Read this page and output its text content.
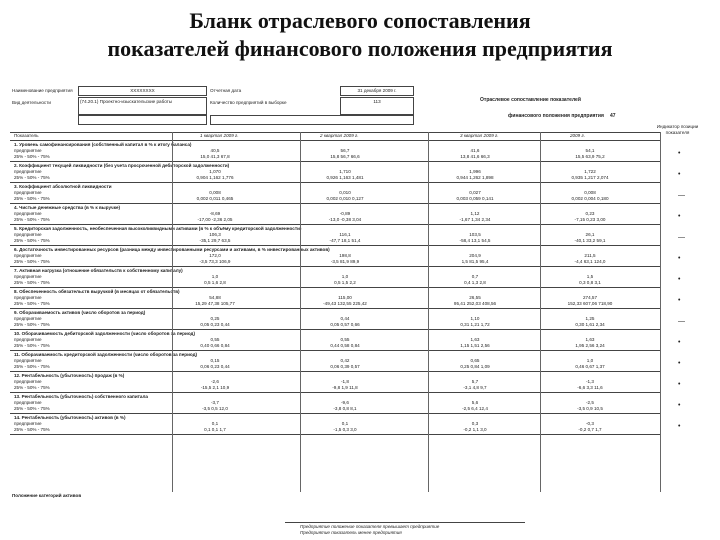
Бланк отраслевого сопоставления
показателей финансового положения предприятия
Наименование предприятия	XXXXXXXX	Отчетная дата	31 декабря 2009 г.
Вид деятельности	(74.20.1) Проектно-изыскательские работы	Количество предприятий в выборке	113	Отраслевое сопоставление показателей
финансового положения предприятия 47
Индикатор позиции показателя
Показатель	1 квартал 2009 г.	2 квартал 2009 г.	3 квартал 2009 г.	2009 г.
1. Уровень самофинансирования (собственный капитал в % к итогу баланса)
предприятие	40,5	56,7	41,6	54,1
25% - 50% - 75%	15,0 41,3 67,8	15,8 56,7 66,6	13,8 41,6 66,3	15,5 63,9 75,2	•
2. Коэффициент текущей ликвидности (без учета просроченной дебиторской задолженности)
предприятие	1,070	1,710	1,996	1,722
25% - 50% - 75%	0,904 1,162 1,776	0,926 1,163 1,481	0,944 1,262 1,898	0,935 1,217 2,074	•
3. Коэффициент абсолютной ликвидности
предприятие	0,008	0,010	0,027	0,008
25% - 50% - 75%	0,002 0,011 0,465	0,002 0,010 0,127	0,003 0,059 0,141	0,002 0,004 0,180	—
4. Чистые денежные средства (в % к выручке)
предприятие	-8,69	-0,89	1,12	0,23
25% - 50% - 75%	-17,00 -2,36 2,05	-13,0 -0,38 3,04	-1,67 1,34 2,34	-7,15 0,23 3,00	•
5. Кредиторская задолженность, необеспеченная высоколиквидными активами (в % к объёму кредиторской задолженности)
предприятие	106,3	116,1	103,5	26,1
25% - 50% - 75%	-35,1 29,7 63,5	-47,7 18,1 51,4	-58,4 13,1 54,5	-40,1 33,2 59,1	—
6. Достаточность инвестированных ресурсов (разница между инвестированными ресурсами и активами, в % инвестированных активов)
предприятие	172,0	198,8	204,9	211,5
25% - 50% - 75%	-3,5 73,3 106,9	-3,5 81,9 89,9	1,5 81,5 95,4	-4,4 63,1 124,0	•
7. Активная нагрузка (отношение обязательств к собственному капиталу)
предприятие	1,0	1,0	0,7	1,5
25% - 50% - 75%	0,5 1,6 2,8	0,5 1,5 2,2	0,4 1,3 2,8	0,3 0,8 3,1	•
8. Обеспеченность обязательств выручкой (в месяцах от обязательств)
предприятие	54,88	115,00	26,55	274,57
25% - 50% - 75%	15,29 47,38 105,77	-49,43 132,55 225,42	95,41 252,03 408,56	152,33 607,06 718,90	•
9. Оборачиваемость активов (число оборотов за период)
предприятие	0,25	0,44	1,10	1,25
25% - 50% - 75%	0,05 0,23 0,44	0,05 0,57 0,66	0,31 1,21 1,72	0,30 1,61 2,34	—
10. Оборачиваемость дебиторской задолженности (число оборотов за период)
предприятие	0,55	0,55	1,63	1,63
25% - 50% - 75%	0,40 0,66 0,84	0,44 0,58 0,84	1,15 1,51 2,56	1,95 2,56 3,24	•
11. Оборачиваемость кредиторской задолженности (число оборотов за период)
предприятие	0,15	0,42	0,65	1,0
25% - 50% - 75%	0,06 0,23 0,44	0,06 0,39 0,57	0,25 0,84 1,09	0,46 0,67 1,37	•
12. Рентабельность (убыточность) продаж (в %)
предприятие	-2,6	-1,8	5,7	-1,3
25% - 50% - 75%	-15,5 2,1 10,9	-9,8 1,9 11,8	-3,1 4,8 9,7	-6,6 3,3 11,6	•
13. Рентабельность (убыточность) собственного капитала
предприятие	-3,7	-9,6	5,6	-2,5
25% - 50% - 75%	-3,5 0,5 12,0	-3,8 0,8 8,1	-2,5 6,4 12,4	-3,5 0,9 10,5	•
14. Рентабельность (убыточность) активов (в %)
предприятие	0,1	0,1	0,3	-0,3
25% - 50% - 75%	0,1 0,1 1,7	-1,5 0,3 3,0	-0,2 1,1 3,0	-0,2 0,7 1,7	•
Положение категорий активов
Предприятие положение показателя превышает предприятие
Предприятие показатель менее предприятия
